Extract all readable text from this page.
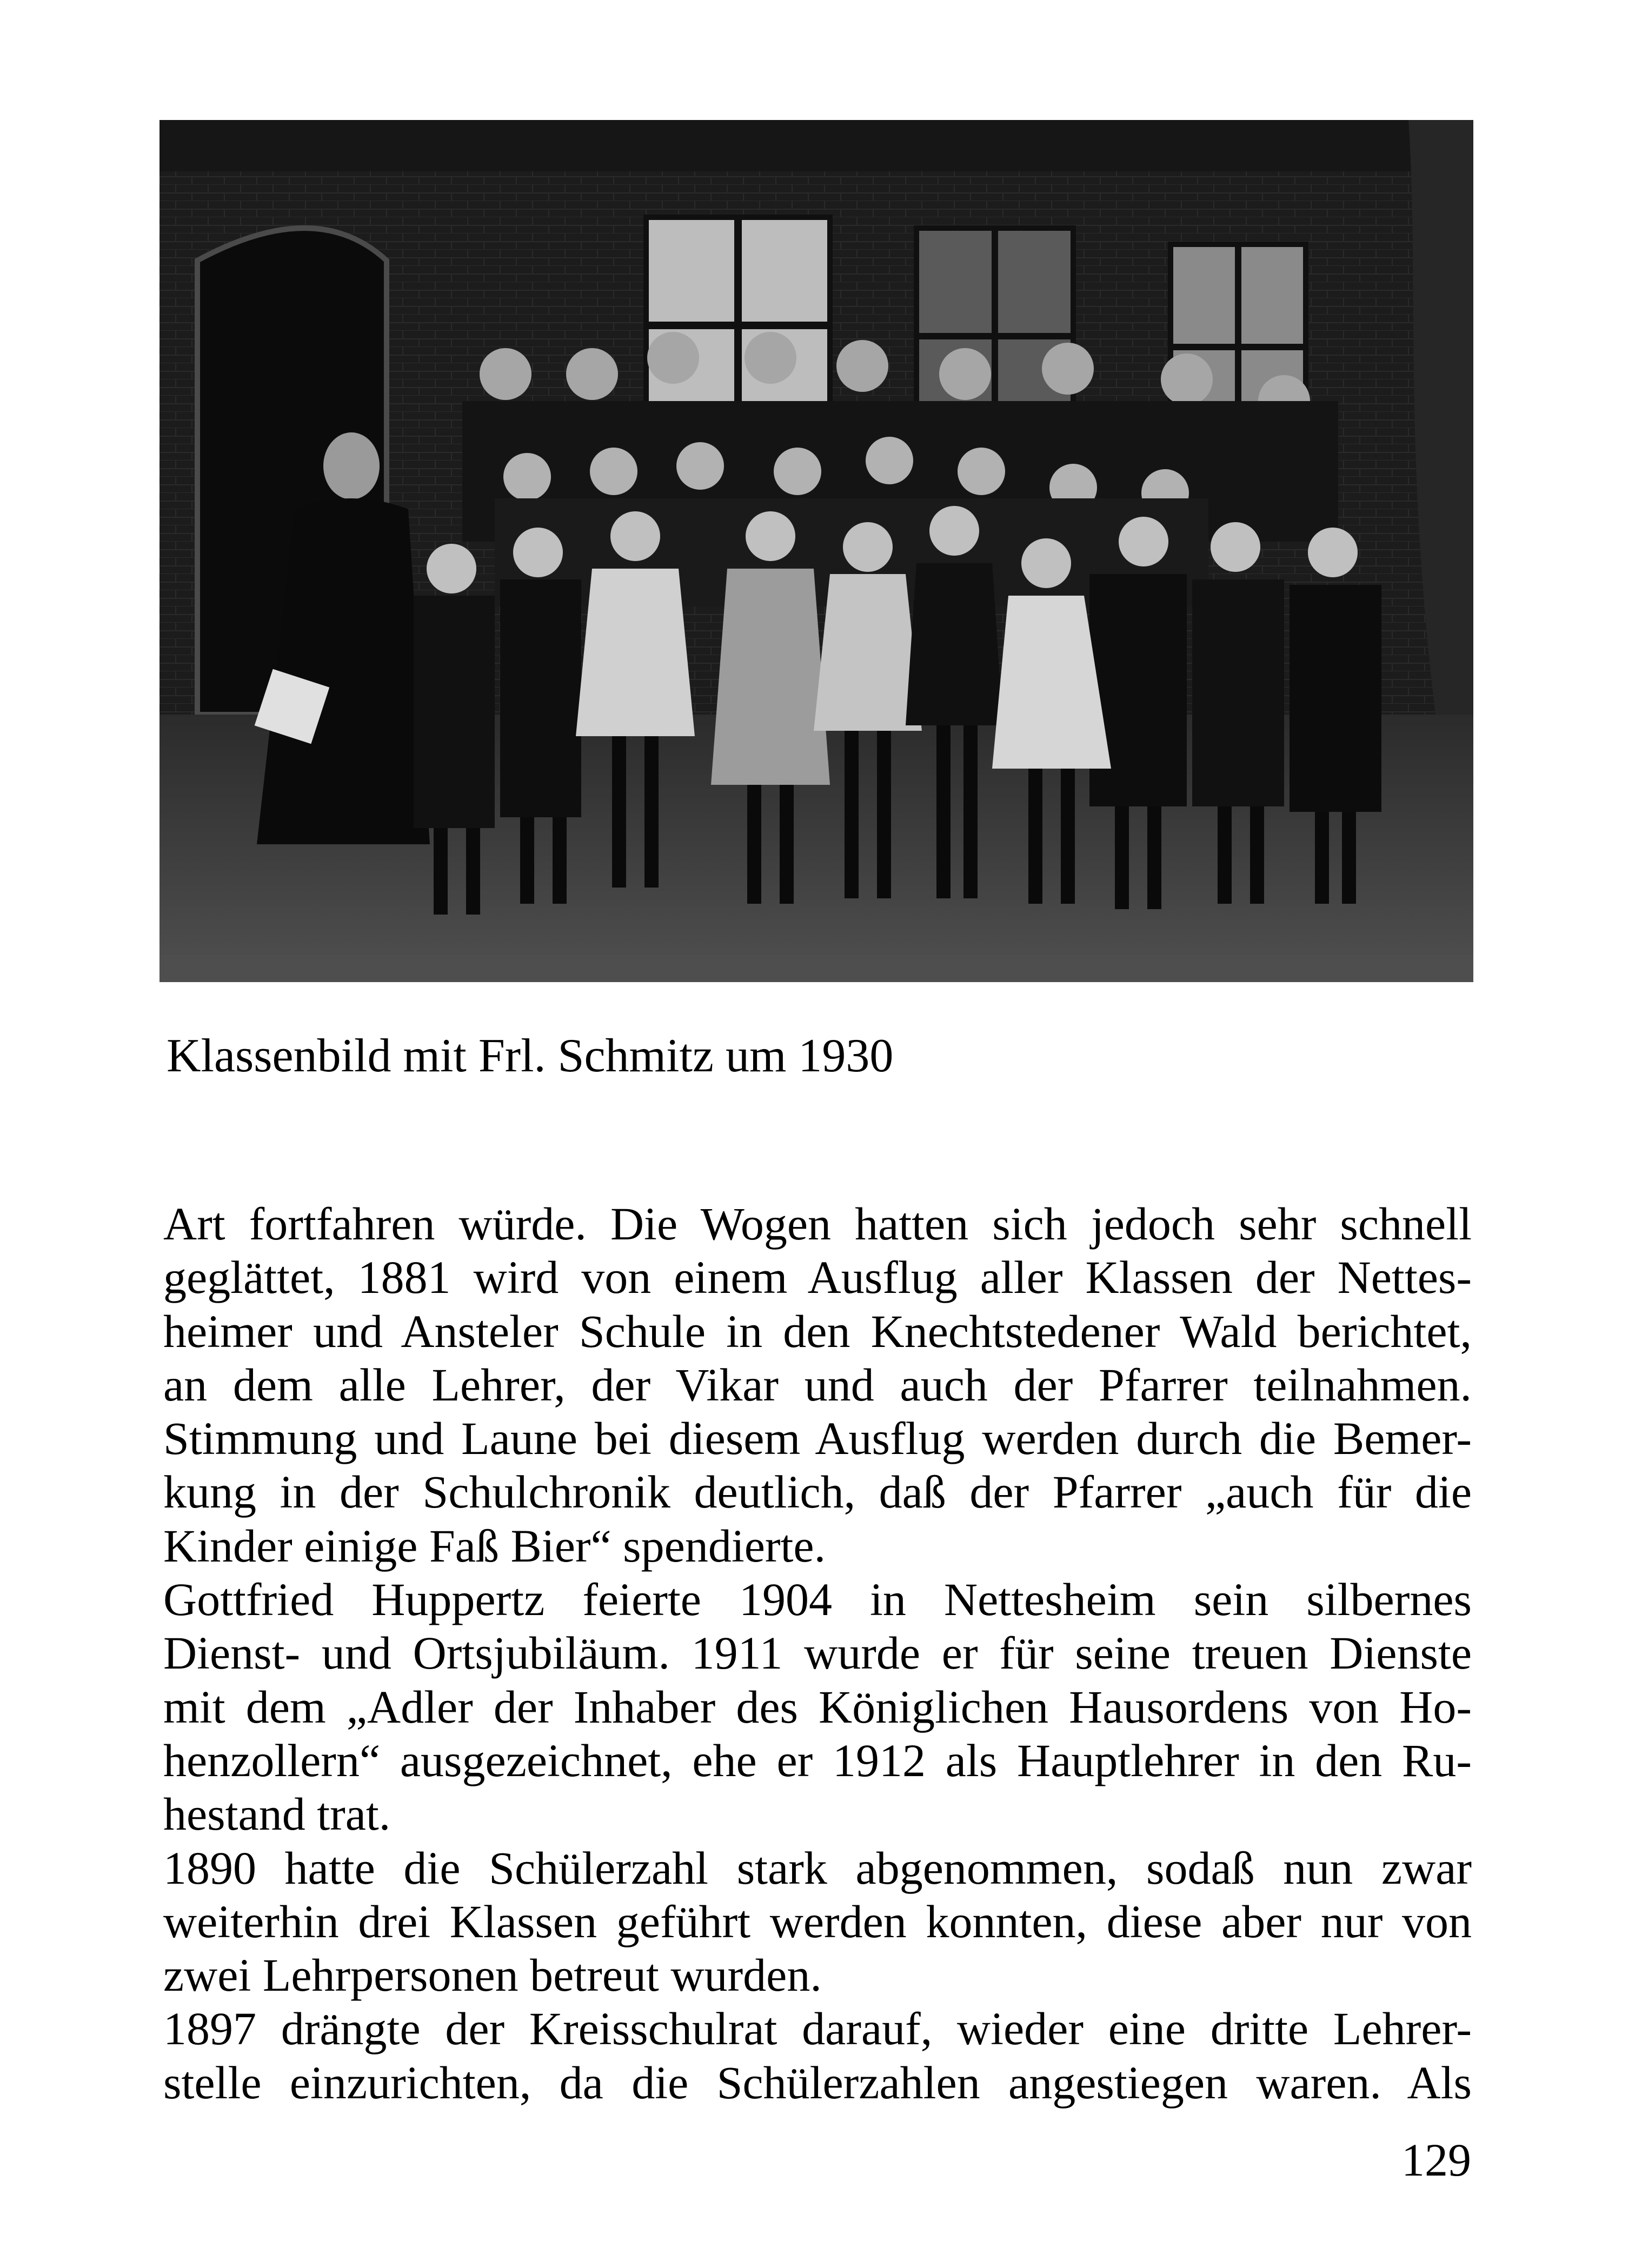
Klassenbild mit Frl. Schmitz um 1930
Art fortfahren würde. Die Wogen hatten sich jedoch sehr schnell
geglättet, 1881 wird von einem Ausflug aller Klassen der Nettes-
heimer und Ansteler Schule in den Knechtstedener Wald berichtet,
an dem alle Lehrer, der Vikar und auch der Pfarrer teilnahmen.
Stimmung und Laune bei diesem Ausflug werden durch die Bemer-
kung in der Schulchronik deutlich, daß der Pfarrer „auch für die
Kinder einige Faß Bier“ spendierte.
Gottfried Huppertz feierte 1904 in Nettesheim sein silbernes
Dienst- und Ortsjubiläum. 1911 wurde er für seine treuen Dienste
mit dem „Adler der Inhaber des Königlichen Hausordens von Ho-
henzollern“ ausgezeichnet, ehe er 1912 als Hauptlehrer in den Ru-
hestand trat.
1890 hatte die Schülerzahl stark abgenommen, sodaß nun zwar
weiterhin drei Klassen geführt werden konnten, diese aber nur von
zwei Lehrpersonen betreut wurden.
1897 drängte der Kreisschulrat darauf, wieder eine dritte Lehrer-
stelle einzurichten, da die Schülerzahlen angestiegen waren. Als
129
